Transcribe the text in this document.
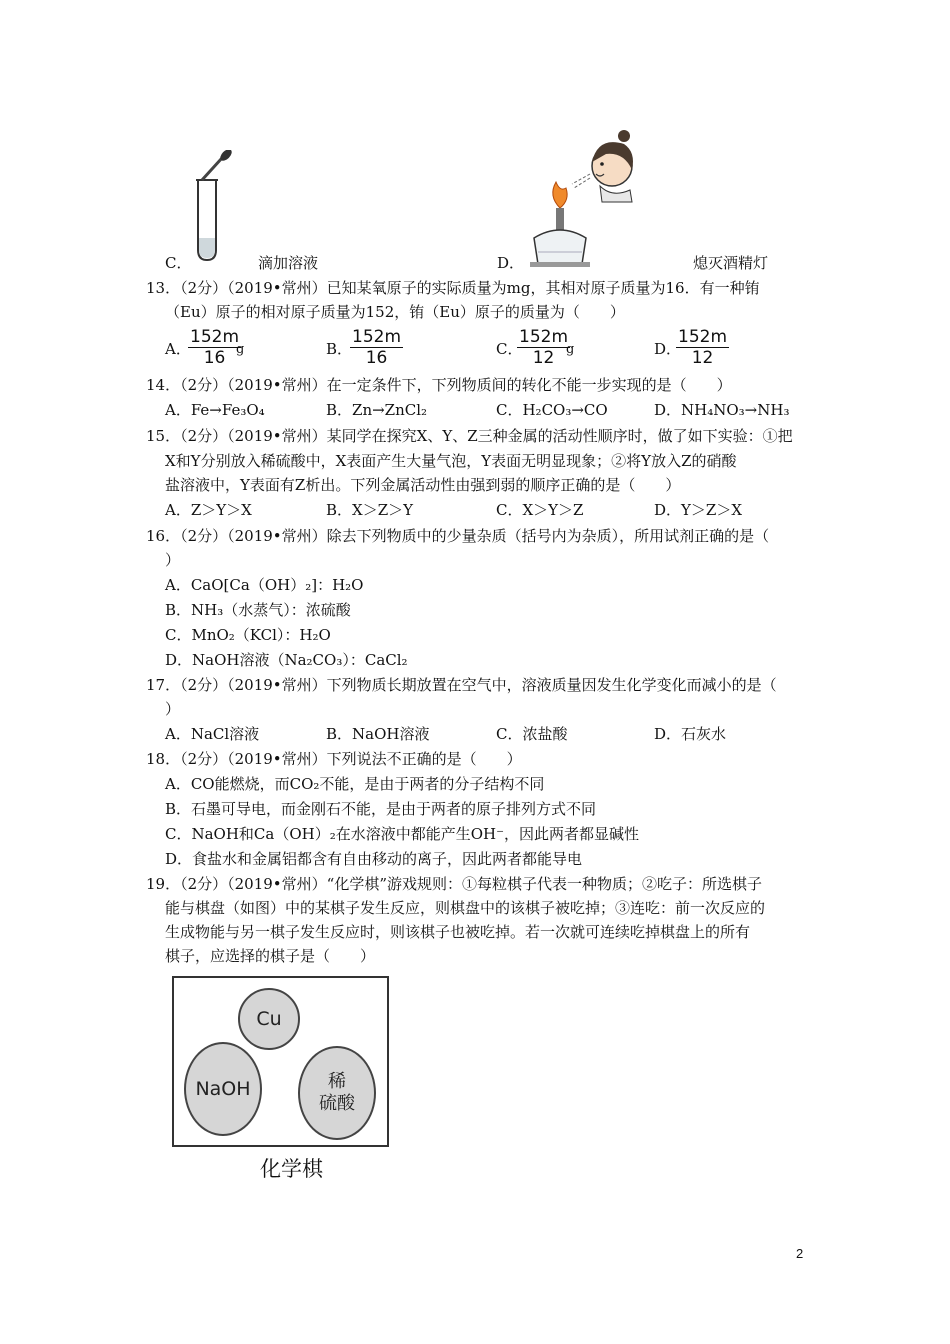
C．	滴加溶液	D．	熄灭酒精灯
13．（2分）（2019•常州）已知某氧原子的实际质量为mg，其相对原子质量为16．有一种铕
（Eu）原子的相对原子质量为152，铕（Eu）原子的质量为（　　）
A．
$\frac{152m}{16}$
g	B．
$\frac{152m}{16}$	C．
$\frac{152m}{12}$
g	D．
$\frac{152m}{12}$
14．（2分）（2019•常州）在一定条件下，下列物质间的转化不能一步实现的是（　　）
A．Fe→Fe₃O₄	B．Zn→ZnCl₂	C．H₂CO₃→CO	D．NH₄NO₃→NH₃
15．（2分）（2019•常州）某同学在探究X、Y、Z三种金属的活动性顺序时，做了如下实验：①把
X和Y分别放入稀硫酸中，X表面产生大量气泡，Y表面无明显现象；②将Y放入Z的硝酸
盐溶液中，Y表面有Z析出。下列金属活动性由强到弱的顺序正确的是（　　）
A．Z＞Y＞X	B．X＞Z＞Y	C．X＞Y＞Z	D．Y＞Z＞X
16．（2分）（2019•常州）除去下列物质中的少量杂质（括号内为杂质），所用试剂正确的是（
）
A．CaO[Ca（OH）₂]：H₂O
B．NH₃（水蒸气）：浓硫酸
C．MnO₂（KCl）：H₂O
D．NaOH溶液（Na₂CO₃）：CaCl₂
17．（2分）（2019•常州）下列物质长期放置在空气中，溶液质量因发生化学变化而减小的是（
）
A．NaCl溶液	B．NaOH溶液	C．浓盐酸	D．石灰水
18．（2分）（2019•常州）下列说法不正确的是（　　）
A．CO能燃烧，而CO₂不能，是由于两者的分子结构不同
B．石墨可导电，而金刚石不能，是由于两者的原子排列方式不同
C．NaOH和Ca（OH）₂在水溶液中都能产生OH⁻，因此两者都显碱性
D．食盐水和金属铝都含有自由移动的离子，因此两者都能导电
19．（2分）（2019•常州）“化学棋”游戏规则：①每粒棋子代表一种物质；②吃子：所选棋子
能与棋盘（如图）中的某棋子发生反应，则棋盘中的该棋子被吃掉；③连吃：前一次反应的
生成物能与另一棋子发生反应时，则该棋子也被吃掉。若一次就可连续吃掉棋盘上的所有
棋子，应选择的棋子是（　　）
Cu
NaOH	稀
硫酸
化学棋
2
